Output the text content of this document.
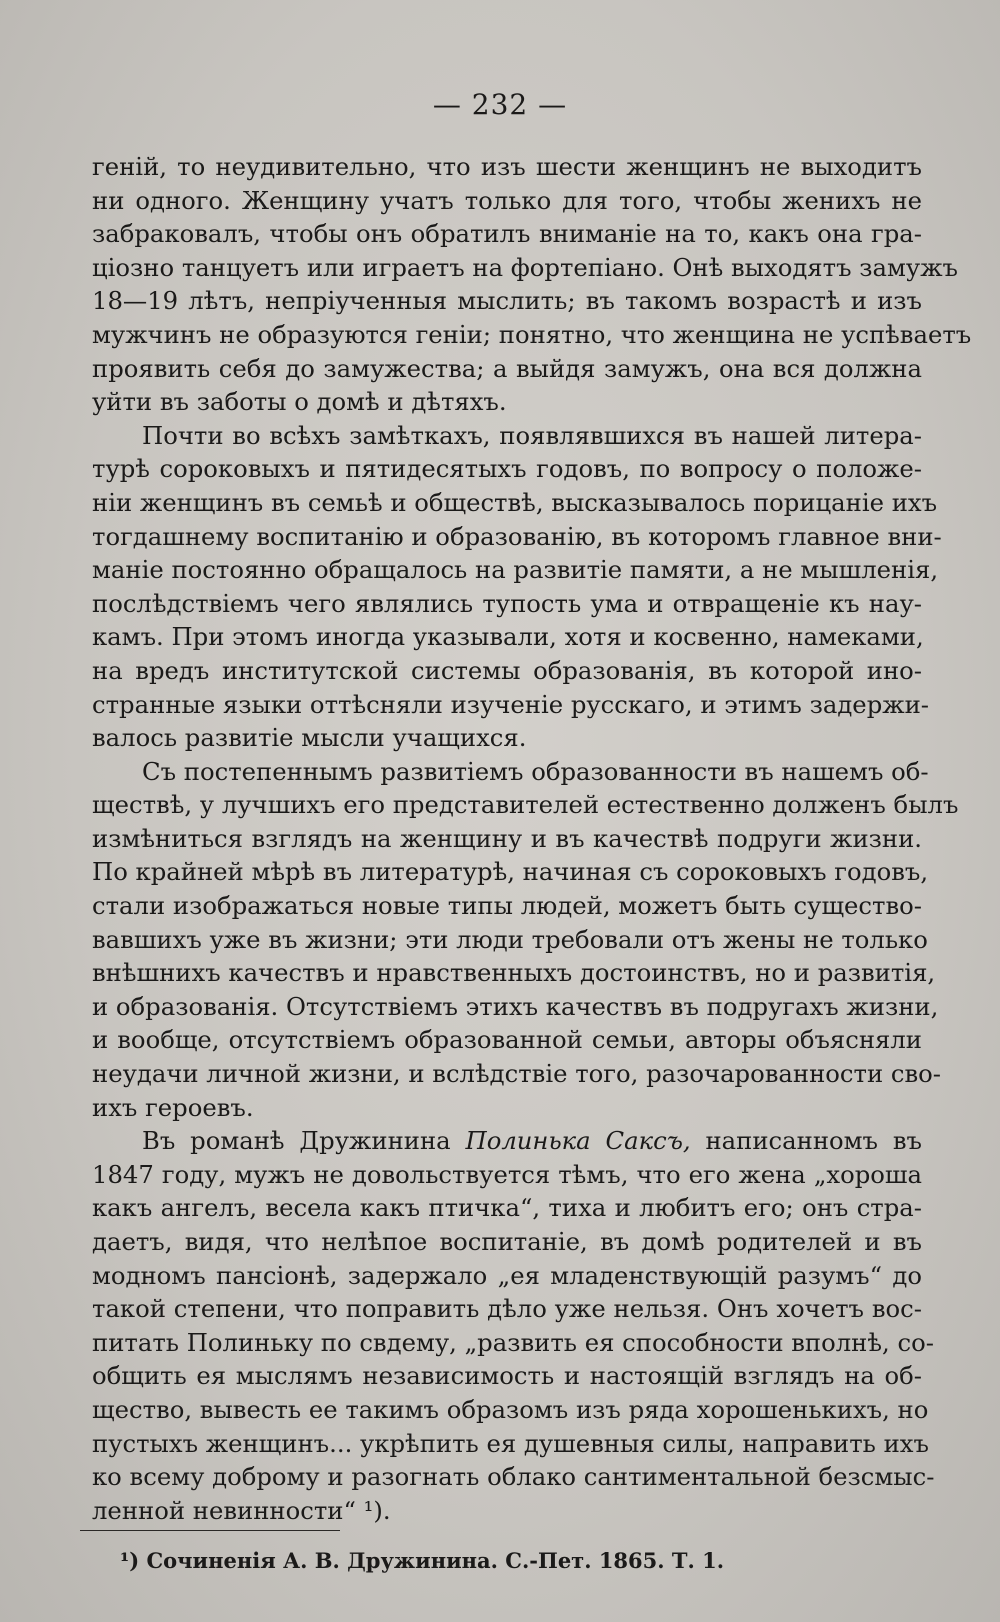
— 232 —
геній, то неудивительно, что изъ шести женщинъ не выходитъ
ни одного. Женщину учатъ только для того, чтобы женихъ не
забраковалъ, чтобы онъ обратилъ вниманіе на то, какъ она гра-
ціозно танцуетъ или играетъ на фортепіано. Онѣ выходятъ замужъ
18—19 лѣтъ, непріученныя мыслить; въ такомъ возрастѣ и изъ
мужчинъ не образуются геніи; понятно, что женщина не успѣваетъ
проявить себя до замужества; а выйдя замужъ, она вся должна
уйти въ заботы о домѣ и дѣтяхъ.
Почти во всѣхъ замѣткахъ, появлявшихся въ нашей литера-
турѣ сороковыхъ и пятидесятыхъ годовъ, по вопросу о положе-
ніи женщинъ въ семьѣ и обществѣ, высказывалось порицаніе ихъ
тогдашнему воспитанію и образованію, въ которомъ главное вни-
маніе постоянно обращалось на развитіе памяти, а не мышленія,
послѣдствіемъ чего являлись тупость ума и отвращеніе къ нау-
камъ. При этомъ иногда указывали, хотя и косвенно, намеками,
на вредъ институтской системы образованія, въ которой ино-
странные языки оттѣсняли изученіе русскаго, и этимъ задержи-
валось развитіе мысли учащихся.
Съ постепеннымъ развитіемъ образованности въ нашемъ об-
ществѣ, у лучшихъ его представителей естественно долженъ былъ
измѣниться взглядъ на женщину и въ качествѣ подруги жизни.
По крайней мѣрѣ въ литературѣ, начиная съ сороковыхъ годовъ,
стали изображаться новые типы людей, можетъ быть существо-
вавшихъ уже въ жизни; эти люди требовали отъ жены не только
внѣшнихъ качествъ и нравственныхъ достоинствъ, но и развитія,
и образованія. Отсутствіемъ этихъ качествъ въ подругахъ жизни,
и вообще, отсутствіемъ образованной семьи, авторы объясняли
неудачи личной жизни, и вслѣдствіе того, разочарованности сво-
ихъ героевъ.
Въ романѣ Дружинина Полинька Саксъ, написанномъ въ
1847 году, мужъ не довольствуется тѣмъ, что его жена „хороша
какъ ангелъ, весела какъ птичка“, тиха и любитъ его; онъ стра-
даетъ, видя, что нелѣпое воспитаніе, въ домѣ родителей и въ
модномъ пансіонѣ, задержало „ея младенствующій разумъ“ до
такой степени, что поправить дѣло уже нельзя. Онъ хочетъ вос-
питать Полиньку по свдему, „развить ея способности вполнѣ, со-
общить ея мыслямъ независимость и настоящій взглядъ на об-
щество, вывесть ее такимъ образомъ изъ ряда хорошенькихъ, но
пустыхъ женщинъ... укрѣпить ея душевныя силы, направить ихъ
ко всему доброму и разогнать облако сантиментальной безсмыс-
ленной невинности“ ¹).
¹) Сочиненія А. В. Дружинина. С.-Пет. 1865. Т. 1.
